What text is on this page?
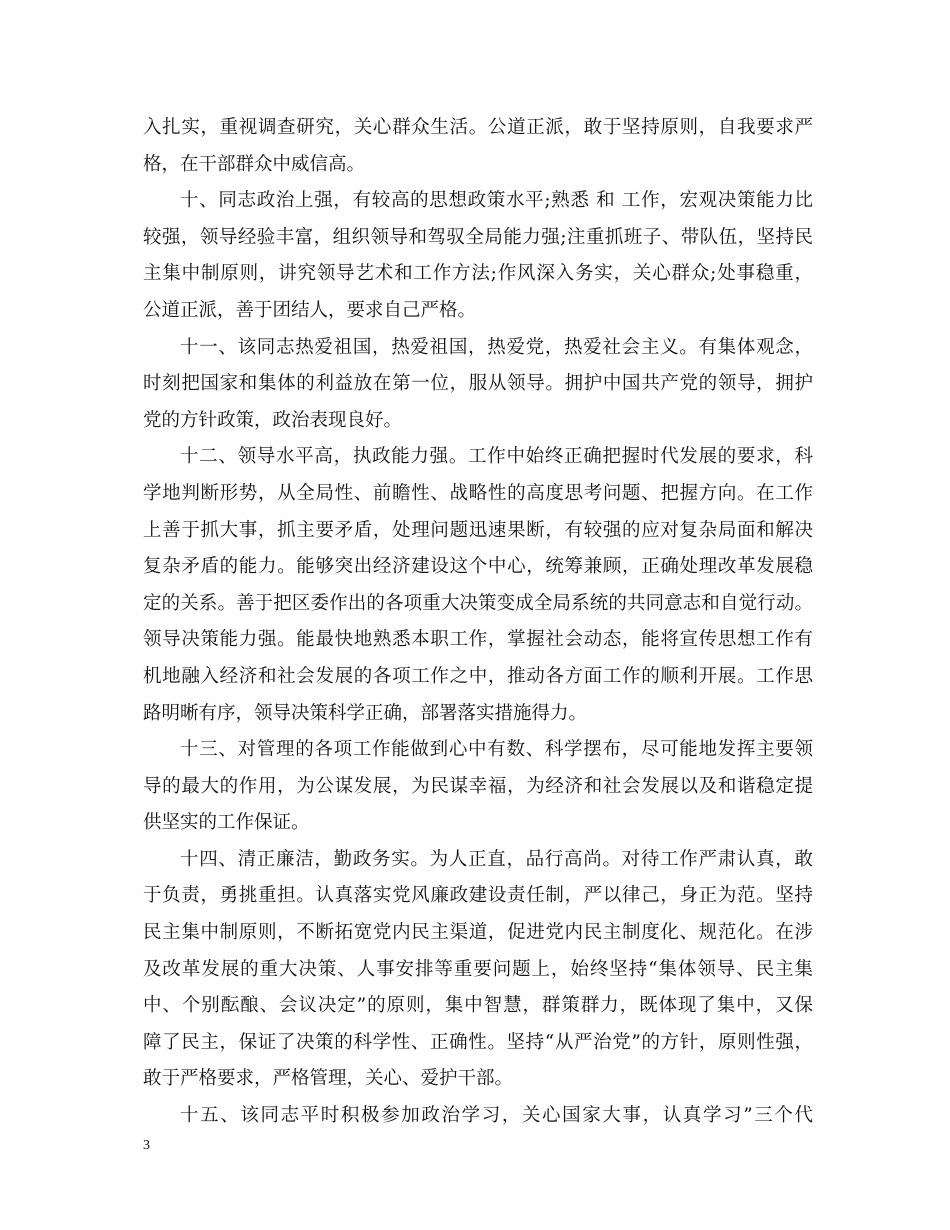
入扎实，重视调查研究，关心群众生活。公道正派，敢于坚持原则，自我要求严
格，在干部群众中威信高。
十、同志政治上强，有较高的思想政策水平;熟悉 和 工作，宏观决策能力比
较强，领导经验丰富，组织领导和驾驭全局能力强;注重抓班子、带队伍，坚持民
主集中制原则，讲究领导艺术和工作方法;作风深入务实，关心群众;处事稳重，
公道正派，善于团结人，要求自己严格。
十一、该同志热爱祖国，热爱祖国，热爱党，热爱社会主义。有集体观念，
时刻把国家和集体的利益放在第一位，服从领导。拥护中国共产党的领导，拥护
党的方针政策，政治表现良好。
十二、领导水平高，执政能力强。工作中始终正确把握时代发展的要求，科
学地判断形势，从全局性、前瞻性、战略性的高度思考问题、把握方向。在工作
上善于抓大事，抓主要矛盾，处理问题迅速果断，有较强的应对复杂局面和解决
复杂矛盾的能力。能够突出经济建设这个中心，统筹兼顾，正确处理改革发展稳
定的关系。善于把区委作出的各项重大决策变成全局系统的共同意志和自觉行动。
领导决策能力强。能最快地熟悉本职工作，掌握社会动态，能将宣传思想工作有
机地融入经济和社会发展的各项工作之中，推动各方面工作的顺利开展。工作思
路明晰有序，领导决策科学正确，部署落实措施得力。
十三、对管理的各项工作能做到心中有数、科学摆布，尽可能地发挥主要领
导的最大的作用，为公谋发展，为民谋幸福，为经济和社会发展以及和谐稳定提
供坚实的工作保证。
十四、清正廉洁，勤政务实。为人正直，品行高尚。对待工作严肃认真，敢
于负责，勇挑重担。认真落实党风廉政建设责任制，严以律己，身正为范。坚持
民主集中制原则，不断拓宽党内民主渠道，促进党内民主制度化、规范化。在涉
及改革发展的重大决策、人事安排等重要问题上，始终坚持“集体领导、民主集
中、个别酝酿、会议决定”的原则，集中智慧，群策群力，既体现了集中，又保
障了民主，保证了决策的科学性、正确性。坚持“从严治党”的方针，原则性强，
敢于严格要求，严格管理，关心、爱护干部。
十五、该同志平时积极参加政治学习，关心国家大事，认真学习”三个代
3
